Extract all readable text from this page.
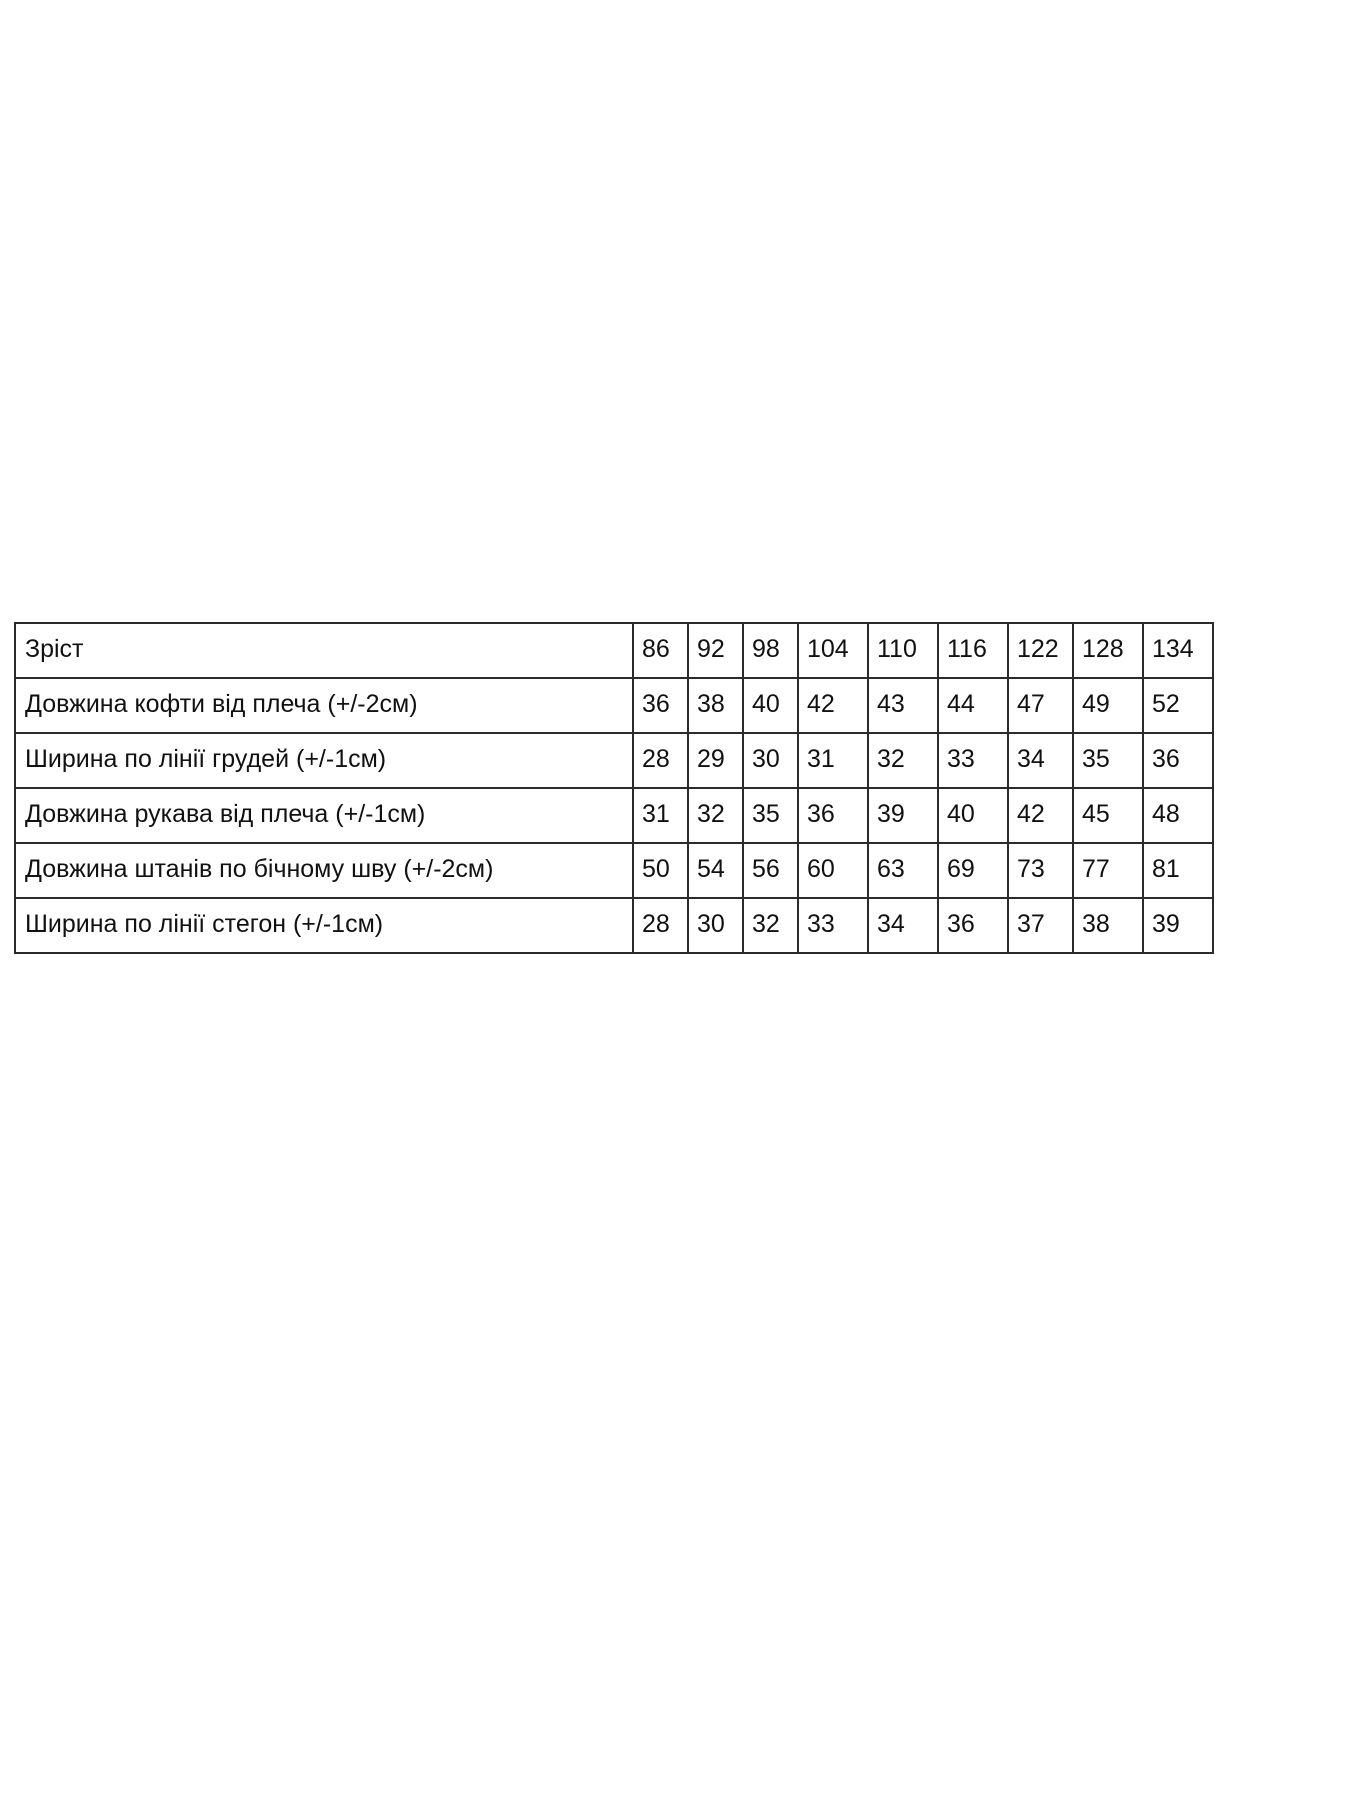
Зріст	86	92	98	104	110	116	122	128	134
Довжина кофти від плеча (+/-2см)	36	38	40	42	43	44	47	49	52
Ширина по лінії грудей (+/-1см)	28	29	30	31	32	33	34	35	36
Довжина рукава від плеча (+/-1см)	31	32	35	36	39	40	42	45	48
Довжина штанів по бічному шву (+/-2см)	50	54	56	60	63	69	73	77	81
Ширина по лінії стегон (+/-1см)	28	30	32	33	34	36	37	38	39
